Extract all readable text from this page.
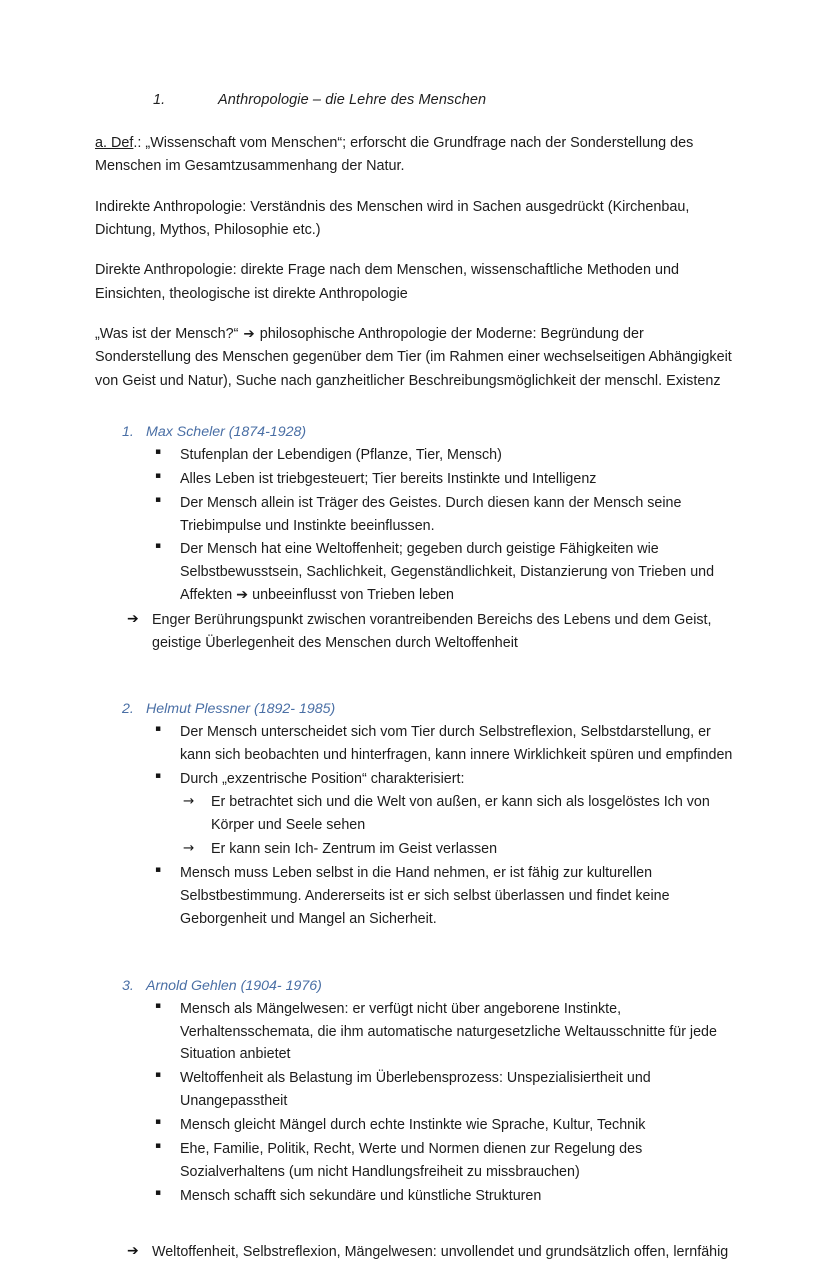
1.	Anthropologie – die Lehre des Menschen

a. Def.: „Wissenschaft vom Menschen“; erforscht die Grundfrage nach der Sonderstellung des Menschen im Gesamtzusammenhang der Natur.

Indirekte Anthropologie: Verständnis des Menschen wird in Sachen ausgedrückt (Kirchenbau, Dichtung, Mythos, Philosophie etc.)

Direkte Anthropologie: direkte Frage nach dem Menschen, wissenschaftliche Methoden und Einsichten, theologische ist direkte Anthropologie

„Was ist der Mensch?“ ➔ philosophische Anthropologie der Moderne: Begründung der Sonderstellung des Menschen gegenüber dem Tier (im Rahmen einer wechselseitigen Abhängigkeit von Geist und Natur), Suche nach ganzheitlicher Beschreibungsmöglichkeit der menschl. Existenz

1. Max Scheler (1874-1928)
▪	Stufenplan der Lebendigen (Pflanze, Tier, Mensch)
▪	Alles Leben ist triebgesteuert; Tier bereits Instinkte und Intelligenz
▪	Der Mensch allein ist Träger des Geistes. Durch diesen kann der Mensch seine Triebimpulse und Instinkte beeinflussen.
▪	Der Mensch hat eine Weltoffenheit; gegeben durch geistige Fähigkeiten wie Selbstbewusstsein, Sachlichkeit, Gegenständlichkeit, Distanzierung von Trieben und Affekten ➔ unbeeinflusst von Trieben leben
➔ Enger Berührungspunkt zwischen vorantreibenden Bereichs des Lebens und dem Geist, geistige Überlegenheit des Menschen durch Weltoffenheit
2. Helmut Plessner (1892- 1985)
▪	Der Mensch unterscheidet sich vom Tier durch Selbstreflexion, Selbstdarstellung, er kann sich beobachten und hinterfragen, kann innere Wirklichkeit spüren und empfinden
▪	Durch „exzentrische Position“ charakterisiert:
→	Er betrachtet sich und die Welt von außen, er kann sich als losgelöstes Ich von Körper und Seele sehen
→	Er kann sein Ich- Zentrum im Geist verlassen
▪	Mensch muss Leben selbst in die Hand nehmen, er ist fähig zur kulturellen Selbstbestimmung. Andererseits ist er sich selbst überlassen und findet keine Geborgenheit und Mangel an Sicherheit.
3. Arnold Gehlen (1904- 1976)
▪	Mensch als Mängelwesen: er verfügt nicht über angeborene Instinkte, Verhaltensschemata, die ihm automatische naturgesetzliche Weltausschnitte für jede Situation anbietet
▪	Weltoffenheit als Belastung im Überlebensprozess: Unspezialisiertheit und Unangepasstheit
▪	Mensch gleicht Mängel durch echte Instinkte wie Sprache, Kultur, Technik
▪	Ehe, Familie, Politik, Recht, Werte und Normen dienen zur Regelung des Sozialverhaltens (um nicht Handlungsfreiheit zu missbrauchen)
▪	Mensch schafft sich sekundäre und künstliche Strukturen
➔ Weltoffenheit, Selbstreflexion, Mängelwesen: unvollendet und grundsätzlich offen, lernfähig
